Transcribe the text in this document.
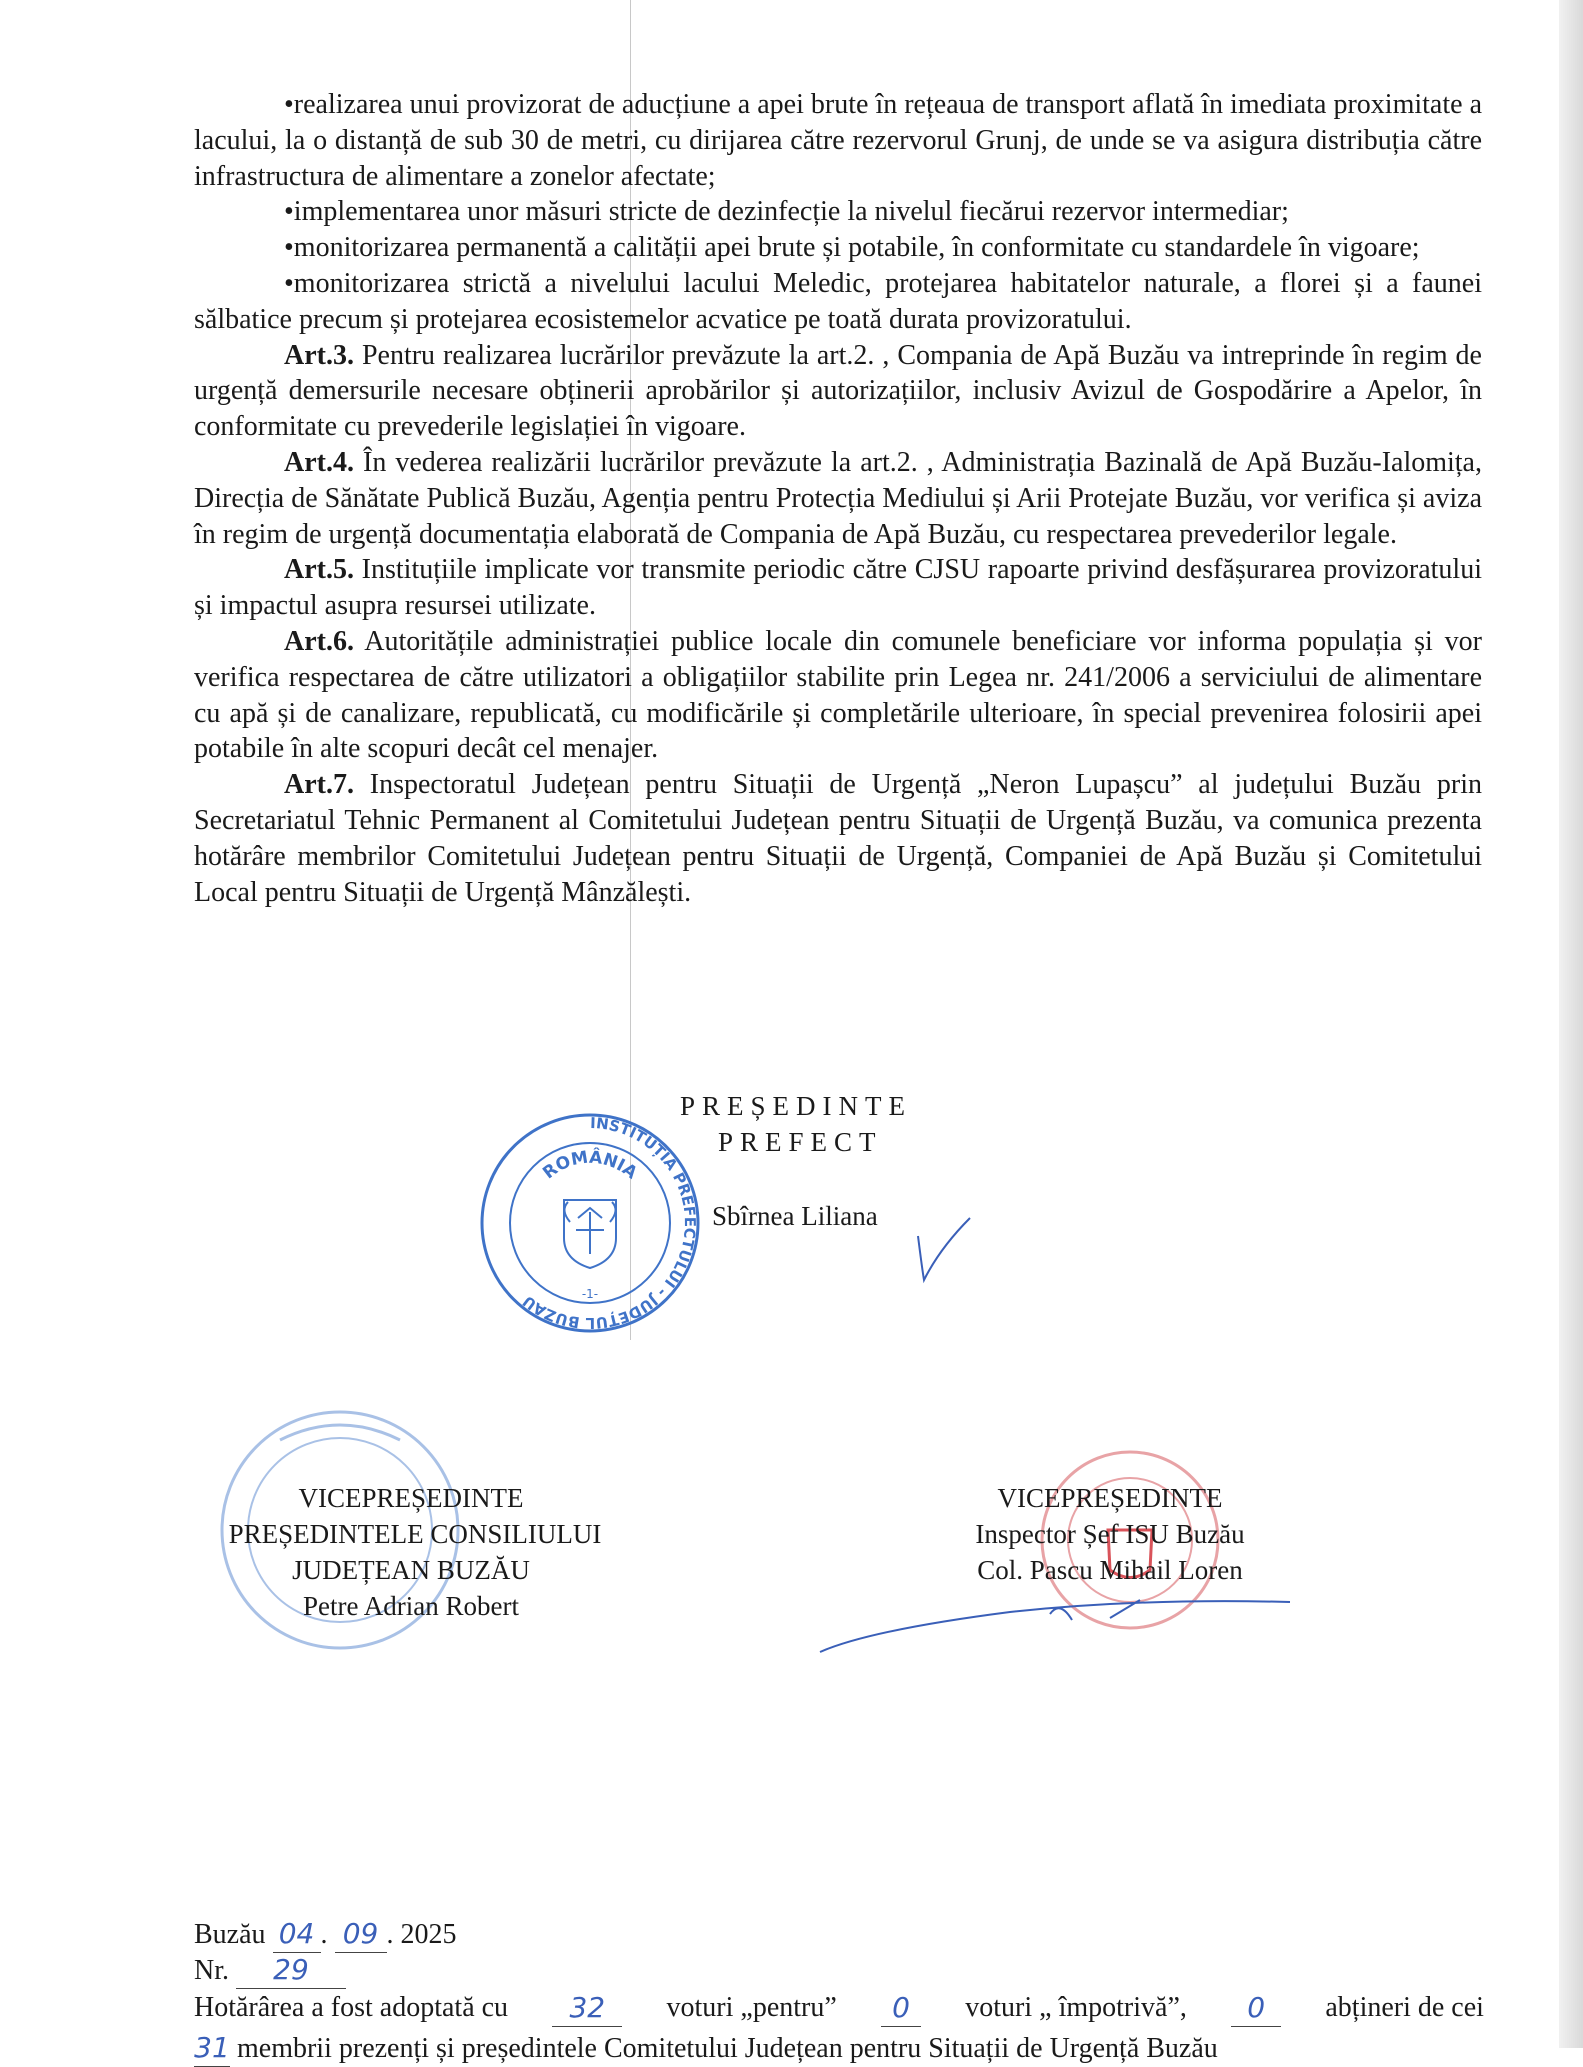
•realizarea unui provizorat de aducțiune a apei brute în rețeaua de transport aflată în imediata proximitate a lacului, la o distanță de sub 30 de metri, cu dirijarea către rezervorul Grunj, de unde se va asigura distribuția către infrastructura de alimentare a zonelor afectate;

•implementarea unor măsuri stricte de dezinfecție la nivelul fiecărui rezervor intermediar;

•monitorizarea permanentă a calității apei brute și potabile, în conformitate cu standardele în vigoare;

•monitorizarea strictă a nivelului lacului Meledic, protejarea habitatelor naturale, a florei și a faunei sălbatice precum și protejarea ecosistemelor acvatice pe toată durata provizoratului.

Art.3. Pentru realizarea lucrărilor prevăzute la art.2. , Compania de Apă Buzău va intreprinde în regim de urgență demersurile necesare obținerii aprobărilor și autorizațiilor, inclusiv Avizul de Gospodărire a Apelor, în conformitate cu prevederile legislației în vigoare.

Art.4. În vederea realizării lucrărilor prevăzute la art.2. , Administrația Bazinală de Apă Buzău-Ialomița, Direcția de Sănătate Publică Buzău, Agenția pentru Protecția Mediului și Arii Protejate Buzău, vor verifica și aviza în regim de urgență documentația elaborată de Compania de Apă Buzău, cu respectarea prevederilor legale.

Art.5. Instituțiile implicate vor transmite periodic către CJSU rapoarte privind desfășurarea provizoratului și impactul asupra resursei utilizate.

Art.6. Autoritățile administrației publice locale din comunele beneficiare vor informa populația și vor verifica respectarea de către utilizatori a obligațiilor stabilite prin Legea nr. 241/2006 a serviciului de alimentare cu apă și de canalizare, republicată, cu modificările și completările ulterioare, în special prevenirea folosirii apei potabile în alte scopuri decât cel menajer.

Art.7. Inspectoratul Județean pentru Situații de Urgență „Neron Lupașcu” al județului Buzău prin Secretariatul Tehnic Permanent al Comitetului Județean pentru Situații de Urgență Buzău, va comunica prezenta hotărâre membrilor Comitetului Județean pentru Situații de Urgență, Companiei de Apă Buzău și Comitetului Local pentru Situații de Urgență Mânzălești.

PREȘEDINTE
PREFECT
Sbîrnea Liliana
INSTITUȚIA PREFECTULUI - JUDEȚUL BUZĂU
ROMÂNIA
-1-
VICEPREȘEDINTE
PREȘEDINTELE CONSILIULUI
JUDEȚEAN BUZĂU
Petre Adrian Robert
VICEPREȘEDINTE
Inspector Șef ISU Buzău
Col. Pascu Mihail Loren
Buzău 04 . 09 . 2025
Nr. 29
Hotărârea a fost adoptată cu	32	voturi „pentru”	0	voturi „ împotrivă”,	0	abțineri de cei
31 membrii prezenți și președintele Comitetului Județean pentru Situații de Urgență Buzău
